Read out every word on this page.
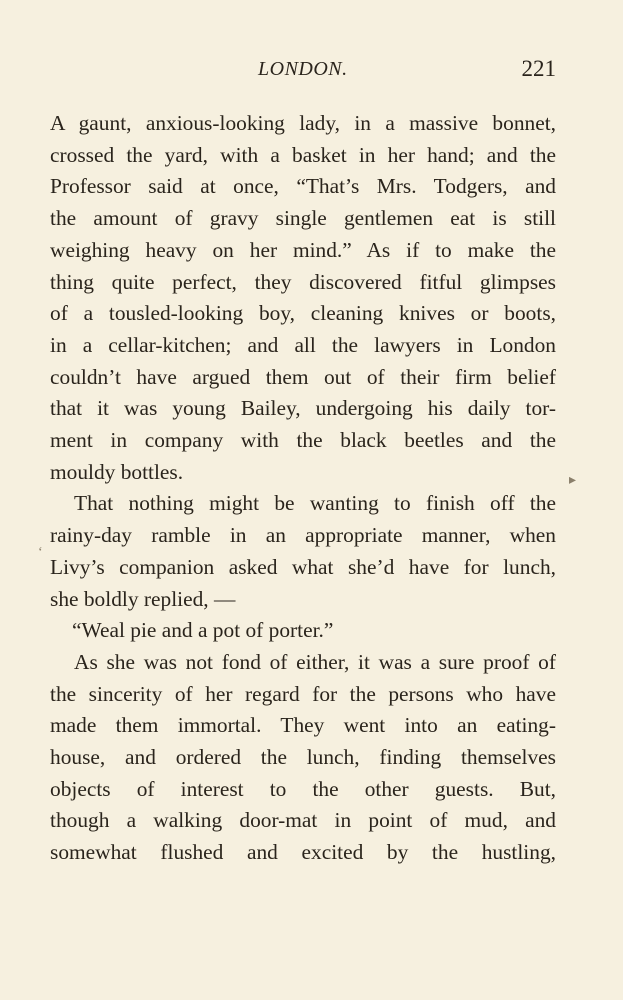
LONDON.	221
A gaunt, anxious-looking lady, in a massive bonnet,
crossed the yard, with a basket in her hand; and the
Professor said at once, “That’s Mrs. Todgers, and
the amount of gravy single gentlemen eat is still
weighing heavy on her mind.” As if to make the
thing quite perfect, they discovered fitful glimpses
of a tousled-looking boy, cleaning knives or boots,
in a cellar-kitchen; and all the lawyers in London
couldn’t have argued them out of their firm belief
that it was young Bailey, undergoing his daily tor-
ment in company with the black beetles and the
mouldy bottles.
That nothing might be wanting to finish off the
rainy-day ramble in an appropriate manner, when
Livy’s companion asked what she’d have for lunch,
she boldly replied, —
“Weal pie and a pot of porter.”
As she was not fond of either, it was a sure proof of
the sincerity of her regard for the persons who have
made them immortal. They went into an eating-
house, and ordered the lunch, finding themselves
objects of interest to the other guests. But,
though a walking door-mat in point of mud, and
somewhat flushed and excited by the hustling,
▸
ʻ
